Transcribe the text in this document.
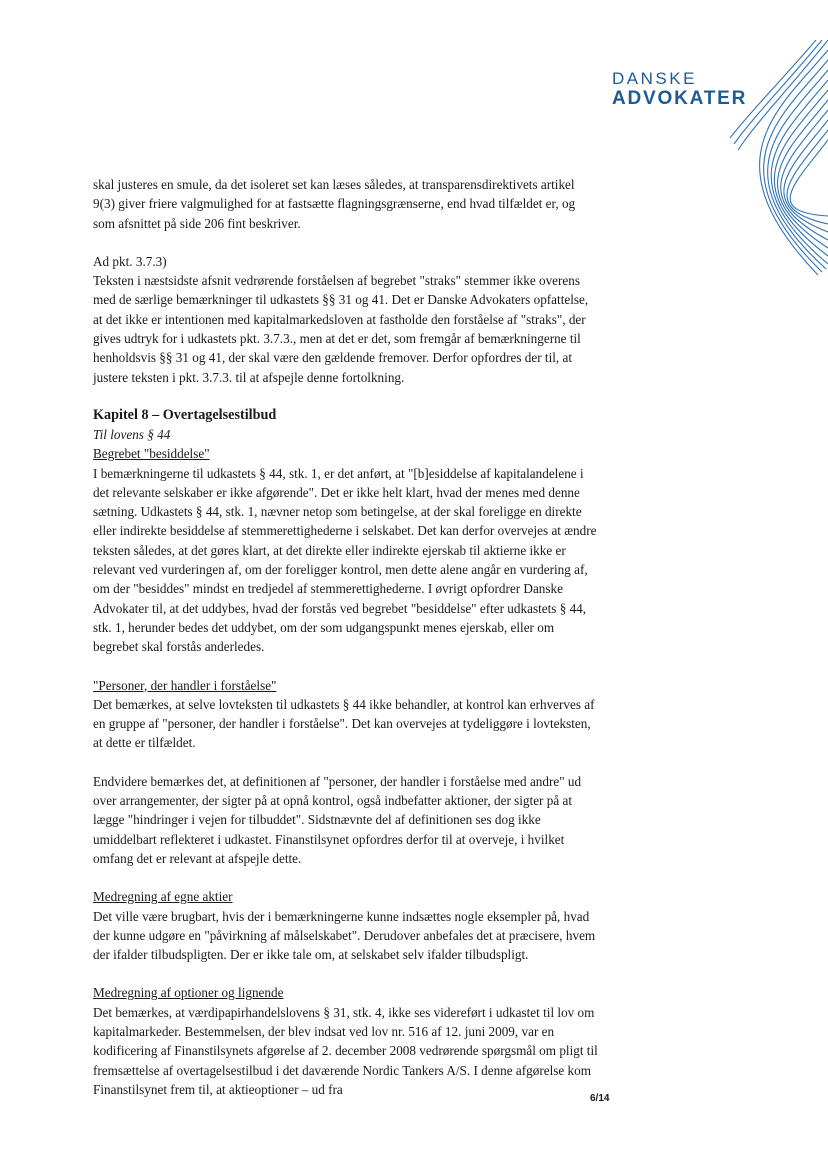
DANSKE
ADVOKATER

skal justeres en smule, da det isoleret set kan læses således, at transparensdirektivets artikel 9(3) giver friere valgmulighed for at fastsætte flagningsgrænserne, end hvad tilfældet er, og som afsnittet på side 206 fint beskriver.

Ad pkt. 3.7.3)

Teksten i næstsidste afsnit vedrørende forståelsen af begrebet "straks" stemmer ikke overens med de særlige bemærkninger til udkastets §§ 31 og 41. Det er Danske Advokaters opfattelse, at det ikke er intentionen med kapitalmarkedsloven at fastholde den forståelse af "straks", der gives udtryk for i udkastets pkt. 3.7.3., men at det er det, som fremgår af bemærkningerne til henholdsvis §§ 31 og 41, der skal være den gældende fremover. Derfor opfordres der til, at justere teksten i pkt. 3.7.3. til at afspejle denne fortolkning.

Kapitel 8 – Overtagelsestilbud

Til lovens § 44

Begrebet "besiddelse"

I bemærkningerne til udkastets § 44, stk. 1, er det anført, at "[b]esiddelse af kapitalandelene i det relevante selskaber er ikke afgørende". Det er ikke helt klart, hvad der menes med denne sætning. Udkastets § 44, stk. 1, nævner netop som betingelse, at der skal foreligge en direkte eller indirekte besiddelse af stemmerettighederne i selskabet. Det kan derfor overvejes at ændre teksten således, at det gøres klart, at det direkte eller indirekte ejerskab til aktierne ikke er relevant ved vurderingen af, om der foreligger kontrol, men dette alene angår en vurdering af, om der "besiddes" mindst en tredjedel af stemmerettighederne. I øvrigt opfordrer Danske Advokater til, at det uddybes, hvad der forstås ved begrebet "besiddelse" efter udkastets § 44, stk. 1, herunder bedes det uddybet, om der som udgangspunkt menes ejerskab, eller om begrebet skal forstås anderledes.

"Personer, der handler i forståelse"

Det bemærkes, at selve lovteksten til udkastets § 44 ikke behandler, at kontrol kan erhverves af en gruppe af "personer, der handler i forståelse". Det kan overvejes at tydeliggøre i lovteksten, at dette er tilfældet.

Endvidere bemærkes det, at definitionen af "personer, der handler i forståelse med andre" ud over arrangementer, der sigter på at opnå kontrol, også indbefatter aktioner, der sigter på at lægge "hindringer i vejen for tilbuddet". Sidstnævnte del af definitionen ses dog ikke umiddelbart reflekteret i udkastet. Finanstilsynet opfordres derfor til at overveje, i hvilket omfang det er relevant at afspejle dette.

Medregning af egne aktier

Det ville være brugbart, hvis der i bemærkningerne kunne indsættes nogle eksempler på, hvad der kunne udgøre en "påvirkning af målselskabet". Derudover anbefales det at præcisere, hvem der ifalder tilbudspligten. Der er ikke tale om, at selskabet selv ifalder tilbudspligt.

Medregning af optioner og lignende

Det bemærkes, at værdipapirhandelslovens § 31, stk. 4, ikke ses videreført i udkastet til lov om kapitalmarkeder. Bestemmelsen, der blev indsat ved lov nr. 516 af 12. juni 2009, var en kodificering af Finanstilsynets afgørelse af 2. december 2008 vedrørende spørgsmål om pligt til fremsættelse af overtagelsestilbud i det daværende Nordic Tankers A/S. I denne afgørelse kom Finanstilsynet frem til, at aktieoptioner – ud fra

6/14
